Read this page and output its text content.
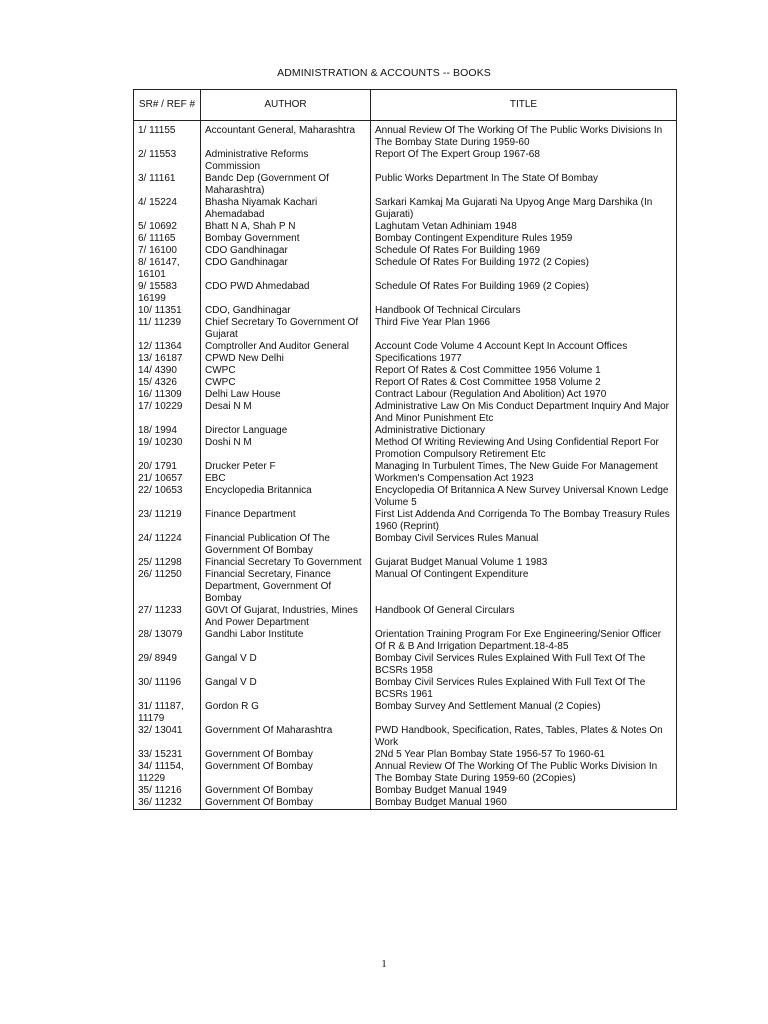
ADMINISTRATION & ACCOUNTS -- BOOKS
SR# / REF #	AUTHOR	TITLE
1/ 11155	Accountant General, Maharashtra	Annual Review Of The Working Of The Public Works Divisions In The Bombay State During 1959-60
2/ 11553	Administrative Reforms Commission	Report Of The Expert Group 1967-68
3/ 11161	Bandc Dep (Government Of Maharashtra)	Public Works Department In The State Of Bombay
4/ 15224	Bhasha Niyamak Kachari Ahemadabad	Sarkari Kamkaj Ma Gujarati Na Upyog Ange Marg Darshika (In Gujarati)
5/ 10692	Bhatt N A, Shah P N	Laghutam Vetan Adhiniam 1948
6/ 11165	Bombay Government	Bombay Contingent Expenditure Rules 1959
7/ 16100	CDO Gandhinagar	Schedule Of Rates For Building 1969
8/ 16147, 16101	CDO Gandhinagar	Schedule Of Rates For Building 1972 (2 Copies)
9/ 15583 16199	CDO PWD Ahmedabad	Schedule Of Rates For Building 1969 (2 Copies)
10/ 11351	CDO, Gandhinagar	Handbook Of Technical Circulars
11/ 11239	Chief Secretary To Government Of Gujarat	Third Five Year Plan 1966
12/ 11364	Comptroller And Auditor General	Account Code Volume 4 Account Kept In Account Offices
13/ 16187	CPWD New Delhi	Specifications 1977
14/ 4390	CWPC	Report Of Rates & Cost Committee 1956 Volume 1
15/ 4326	CWPC	Report Of Rates & Cost Committee 1958 Volume 2
16/ 11309	Delhi Law House	Contract Labour (Regulation And Abolition) Act 1970
17/ 10229	Desai N M	Administrative Law On Mis Conduct Department Inquiry And Major And Minor Punishment Etc
18/ 1994	Director Language	Administrative Dictionary
19/ 10230	Doshi N M	Method Of Writing Reviewing And Using Confidential Report For Promotion Compulsory Retirement Etc
20/ 1791	Drucker Peter F	Managing In Turbulent Times, The New Guide For Management
21/ 10657	EBC	Workmen's Compensation Act 1923
22/ 10653	Encyclopedia Britannica	Encyclopedia Of Britannica A New Survey Universal Known Ledge Volume 5
23/ 11219	Finance Department	First List Addenda And Corrigenda To The Bombay Treasury Rules 1960 (Reprint)
24/ 11224	Financial Publication Of The Government Of Bombay	Bombay Civil Services Rules Manual
25/ 11298	Financial Secretary To Government	Gujarat Budget Manual Volume 1 1983
26/ 11250	Financial Secretary, Finance Department, Government Of Bombay	Manual Of Contingent Expenditure
27/ 11233	G0Vt Of Gujarat, Industries, Mines And Power Department	Handbook Of General Circulars
28/ 13079	Gandhi Labor Institute	Orientation Training Program For Exe Engineering/Senior Officer Of R & B And Irrigation Department.18-4-85
29/ 8949	Gangal V D	Bombay Civil Services Rules Explained With Full Text Of The BCSRs 1958
30/ 11196	Gangal V D	Bombay Civil Services Rules Explained With Full Text Of The BCSRs 1961
31/ 11187, 11179	Gordon R G	Bombay Survey And Settlement Manual (2 Copies)
32/ 13041	Government Of Maharashtra	PWD Handbook, Specification, Rates, Tables, Plates & Notes On Work
33/ 15231	Government Of Bombay	2Nd 5 Year Plan Bombay State 1956-57 To 1960-61
34/ 11154, 11229	Government Of Bombay	Annual Review Of The Working Of The Public Works Division In The Bombay State During 1959-60 (2Copies)
35/ 11216	Government Of Bombay	Bombay Budget Manual 1949
36/ 11232	Government Of Bombay	Bombay Budget Manual 1960
1
